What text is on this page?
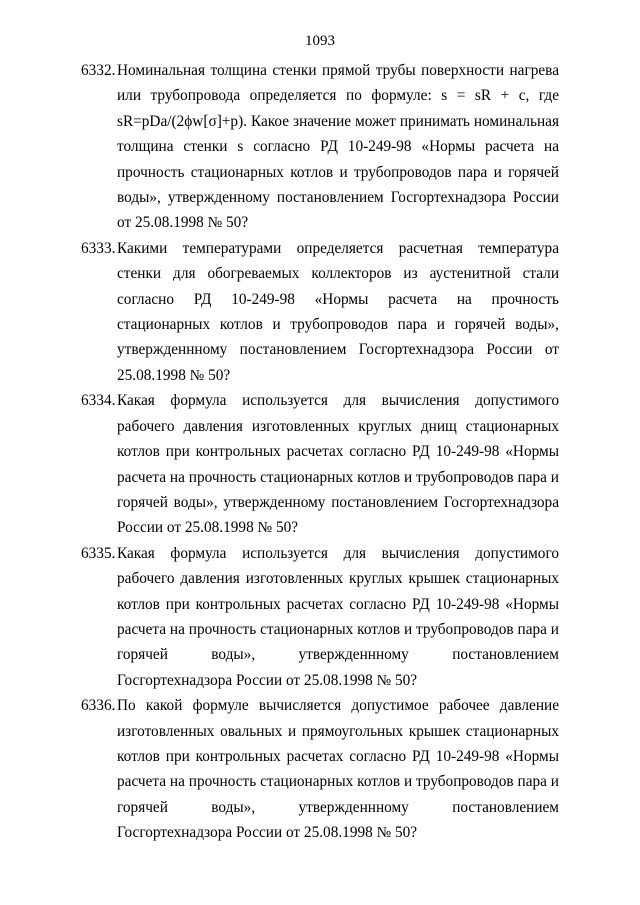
1093
6332. Номинальная толщина стенки прямой трубы поверхности нагрева или трубопровода определяется по формуле: s = sR + c, где sR=pDa/(2ϕw[σ]+p). Какое значение может принимать номинальная толщина стенки s согласно РД 10-249-98 «Нормы расчета на прочность стационарных котлов и трубопроводов пара и горячей воды», утвержденному постановлением Госгортехнадзора России от 25.08.1998 № 50?
6333. Какими температурами определяется расчетная температура стенки для обогреваемых коллекторов из аустенитной стали согласно РД 10-249-98 «Нормы расчета на прочность стационарных котлов и трубопроводов пара и горячей воды», утвержденнному постановлением Госгортехнадзора России от 25.08.1998 № 50?
6334. Какая формула используется для вычисления допустимого рабочего давления изготовленных круглых днищ стационарных котлов при контрольных расчетах согласно РД 10-249-98 «Нормы расчета на прочность стационарных котлов и трубопроводов пара и горячей воды», утвержденному постановлением Госгортехнадзора России от 25.08.1998 № 50?
6335. Какая формула используется для вычисления допустимого рабочего давления изготовленных круглых крышек стационарных котлов при контрольных расчетах согласно РД 10-249-98 «Нормы расчета на прочность стационарных котлов и трубопроводов пара и горячей воды», утвержденнному постановлением Госгортехнадзора России от 25.08.1998 № 50?
6336. По какой формуле вычисляется допустимое рабочее давление изготовленных овальных и прямоугольных крышек стационарных котлов при контрольных расчетах согласно РД 10-249-98 «Нормы расчета на прочность стационарных котлов и трубопроводов пара и горячей воды», утвержденнному постановлением Госгортехнадзора России от 25.08.1998 № 50?
